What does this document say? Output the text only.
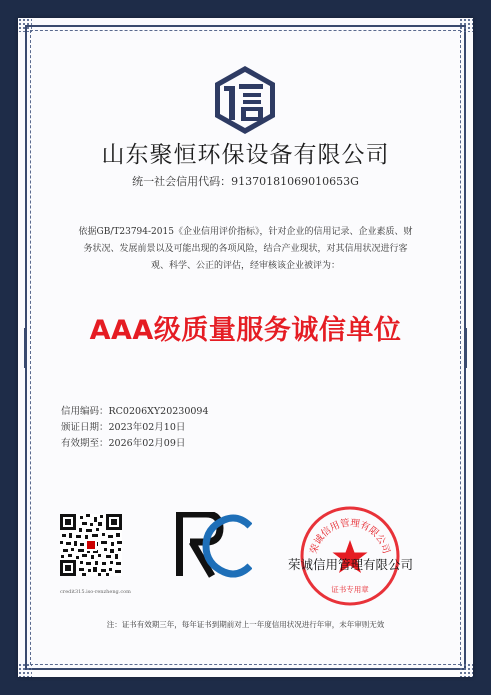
山东聚恒环保设备有限公司
统一社会信用代码：91370181069010653G
依据GB/T23794-2015《企业信用评价指标》，针对企业的信用记录、企业素质、财
务状况、发展前景以及可能出现的各项风险，结合产业现状，对其信用状况进行客
观、科学、公正的评估，经审核该企业被评为：
AAA级质量服务诚信单位
信用编码：RC0206XY20230094
颁证日期：2023年02月10日
有效期至：2026年02月09日
credit315.iso-renzheng.com
荣诚信用管理有限公司
证书专用章
荣诚信用管理有限公司
注：证书有效期三年，每年证书到期前对上一年度信用状况进行年审，未年审则无效
